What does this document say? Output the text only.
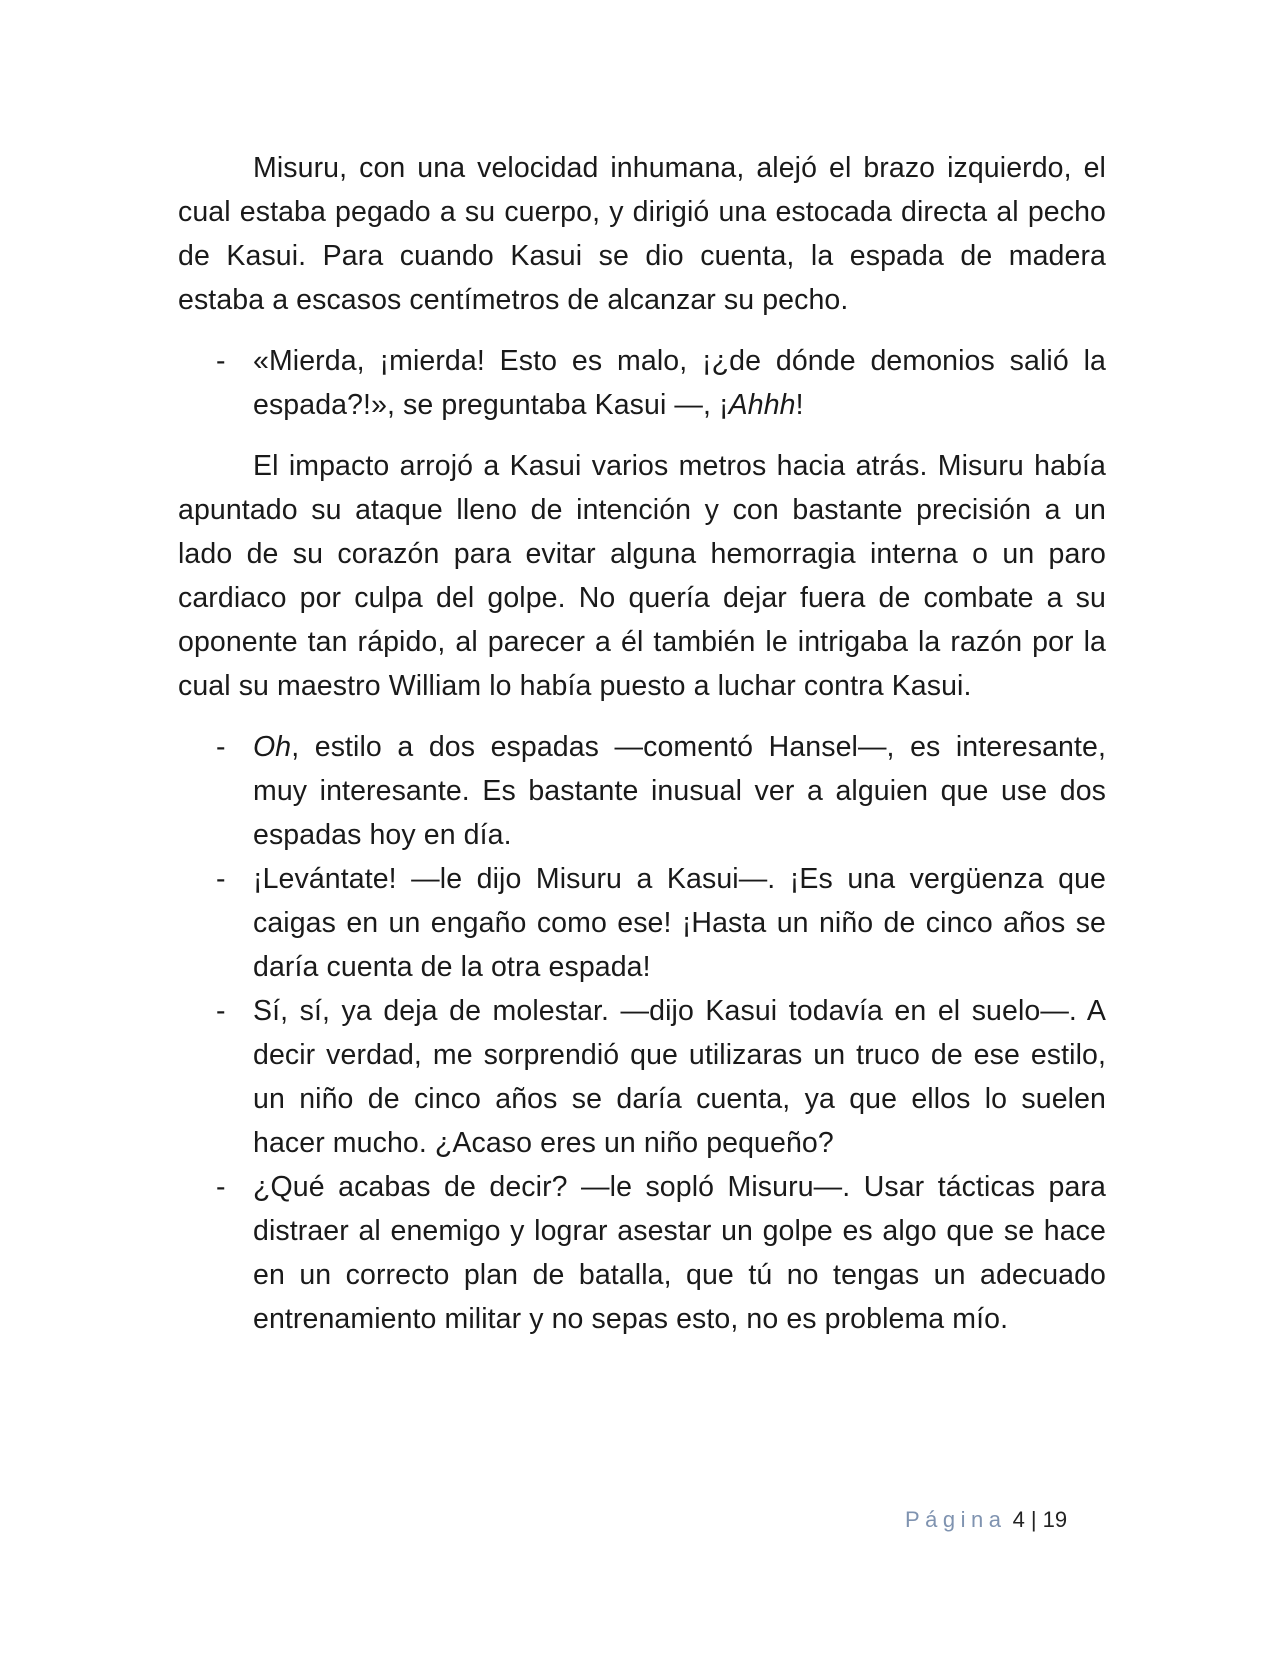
Misuru, con una velocidad inhumana, alejó el brazo izquierdo, el cual estaba pegado a su cuerpo, y dirigió una estocada directa al pecho de Kasui. Para cuando Kasui se dio cuenta, la espada de madera estaba a escasos centímetros de alcanzar su pecho.

- «Mierda, ¡mierda! Esto es malo, ¡¿de dónde demonios salió la espada?!», se preguntaba Kasui —, ¡Ahhh!

El impacto arrojó a Kasui varios metros hacia atrás. Misuru había apuntado su ataque lleno de intención y con bastante precisión a un lado de su corazón para evitar alguna hemorragia interna o un paro cardiaco por culpa del golpe. No quería dejar fuera de combate a su oponente tan rápido, al parecer a él también le intrigaba la razón por la cual su maestro William lo había puesto a luchar contra Kasui.

- Oh, estilo a dos espadas —comentó Hansel—, es interesante, muy interesante. Es bastante inusual ver a alguien que use dos espadas hoy en día.
- ¡Levántate! —le dijo Misuru a Kasui—. ¡Es una vergüenza que caigas en un engaño como ese! ¡Hasta un niño de cinco años se daría cuenta de la otra espada!
- Sí, sí, ya deja de molestar. —dijo Kasui todavía en el suelo—. A decir verdad, me sorprendió que utilizaras un truco de ese estilo, un niño de cinco años se daría cuenta, ya que ellos lo suelen hacer mucho. ¿Acaso eres un niño pequeño?
- ¿Qué acabas de decir? —le sopló Misuru—. Usar tácticas para distraer al enemigo y lograr asestar un golpe es algo que se hace en un correcto plan de batalla, que tú no tengas un adecuado entrenamiento militar y no sepas esto, no es problema mío.
Página 4 | 19
